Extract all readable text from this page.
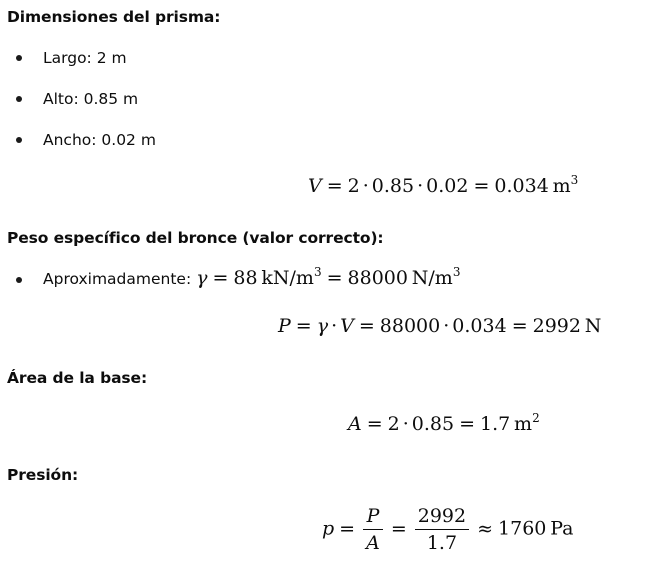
Dimensiones del prisma:
Largo: 2 m
Alto: 0.85 m
Ancho: 0.02 m
V = 2 · 0.85 · 0.02 = 0.034  $m^3$
Peso específico del bronce (valor correcto):
Aproximadamente: γ = 88  $kN/m^3 = 88000$  $N/m^3$
P = γ · V = 88000 · 0.034 = 2992  N
Área de la base:
A = 2 · 0.85 = 1.7  $m^2$
Presión:
$p = \frac{P}{A} = \frac{2992}{1.7} \approx 1760$  Pa
